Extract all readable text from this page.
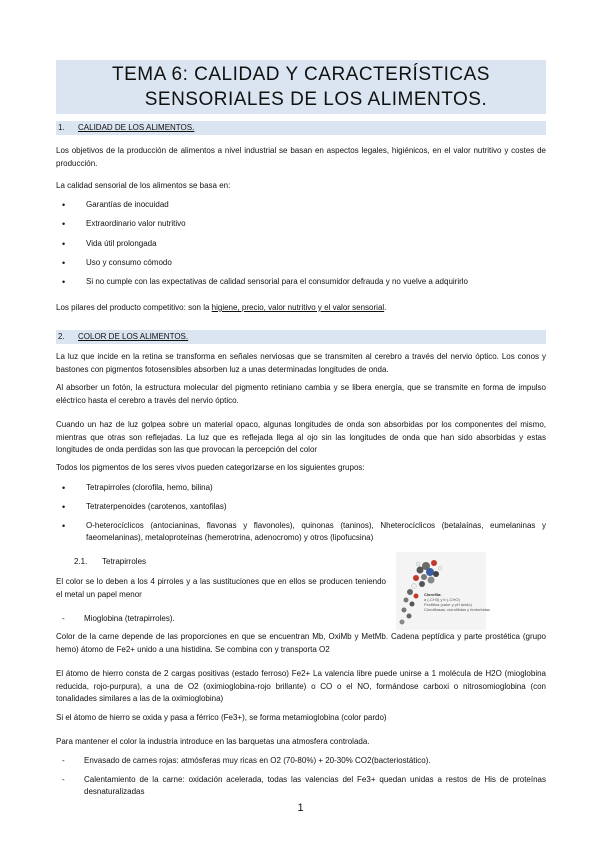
TEMA 6: CALIDAD Y CARACTERÍSTICAS
SENSORIALES DE LOS ALIMENTOS.
1. CALIDAD DE LOS ALIMENTOS.
Los objetivos de la producción de alimentos a nivel industrial se basan en aspectos legales, higiénicos, en el valor nutritivo y costes de producción.
La calidad sensorial de los alimentos se basa en:
•	Garantías de inocuidad
•	Extraordinario valor nutritivo
•	Vida útil prolongada
•	Uso y consumo cómodo
•	Si no cumple con las expectativas de calidad sensorial para el consumidor defrauda y no vuelve a adquirirlo
Los pilares del producto competitivo: son la higiene, precio, valor nutritivo y el valor sensorial.
2. COLOR DE LOS ALIMENTOS.
La luz que incide en la retina se transforma en señales nerviosas que se transmiten al cerebro a través del nervio óptico. Los conos y bastones con pigmentos fotosensibles absorben luz a unas determinadas longitudes de onda.
Al absorber un fotón, la estructura molecular del pigmento retiniano cambia y se libera energía, que se transmite en forma de impulso eléctrico hasta el cerebro a través del nervio óptico.
Cuando un haz de luz golpea sobre un material opaco, algunas longitudes de onda son absorbidas por los componentes del mismo, mientras que otras son reflejadas. La luz que es reflejada llega al ojo sin las longitudes de onda que han sido absorbidas y estas longitudes de onda perdidas son las que provocan la percepción del color
Todos los pigmentos de los seres vivos pueden categorizarse en los siguientes grupos:
•	Tetrapirroles (clorofila, hemo, bilina)
•	Tetraterpenoides (carotenos, xantofilas)
•	O-heterocíclicos (antocianinas, flavonas y flavonoles), quinonas (taninos), Nheterocíclicos (betalaínas, eumelaninas y faeomelaninas), metaloproteínas (hemerotrina, adenocromo) y otros (lipofucsina)
2.1. Tetrapirroles
El color se lo deben a los 4 pirroles y a las sustituciones que en ellos se producen teniendo el metal un papel menor	Clorofila:
a (-CH3) y b (-CHO)
Feofitina (calor y pH ácido)
Clorofilasas: clorofilidas y feoforbidas
- Mioglobina (tetrapirroles).
Color de la carne depende de las proporciones en que se encuentran Mb, OxiMb y MetMb. Cadena peptídica y parte prostética (grupo hemo) átomo de Fe2+ unido a una histidina. Se combina con y transporta O2
El átomo de hierro consta de 2 cargas positivas (estado ferroso) Fe2+ La valencia libre puede unirse a 1 molécula de H2O (mioglobina reducida, rojo-purpura), a una de O2 (oximioglobina-rojo brillante) o CO o el NO, formándose carboxi o nitrosomioglobina (con tonalidades similares a las de la oximioglobina)
Si el átomo de hierro se oxida y pasa a férrico (Fe3+), se forma metamioglobina (color pardo)
Para mantener el color la industria introduce en las barquetas una atmosfera controlada.
- Envasado de carnes rojas: atmósferas muy ricas en O2 (70-80%) + 20-30% CO2(bacteriostático).
- Calentamiento de la carne: oxidación acelerada, todas las valencias del Fe3+ quedan unidas a restos de His de proteínas desnaturalizadas
1
